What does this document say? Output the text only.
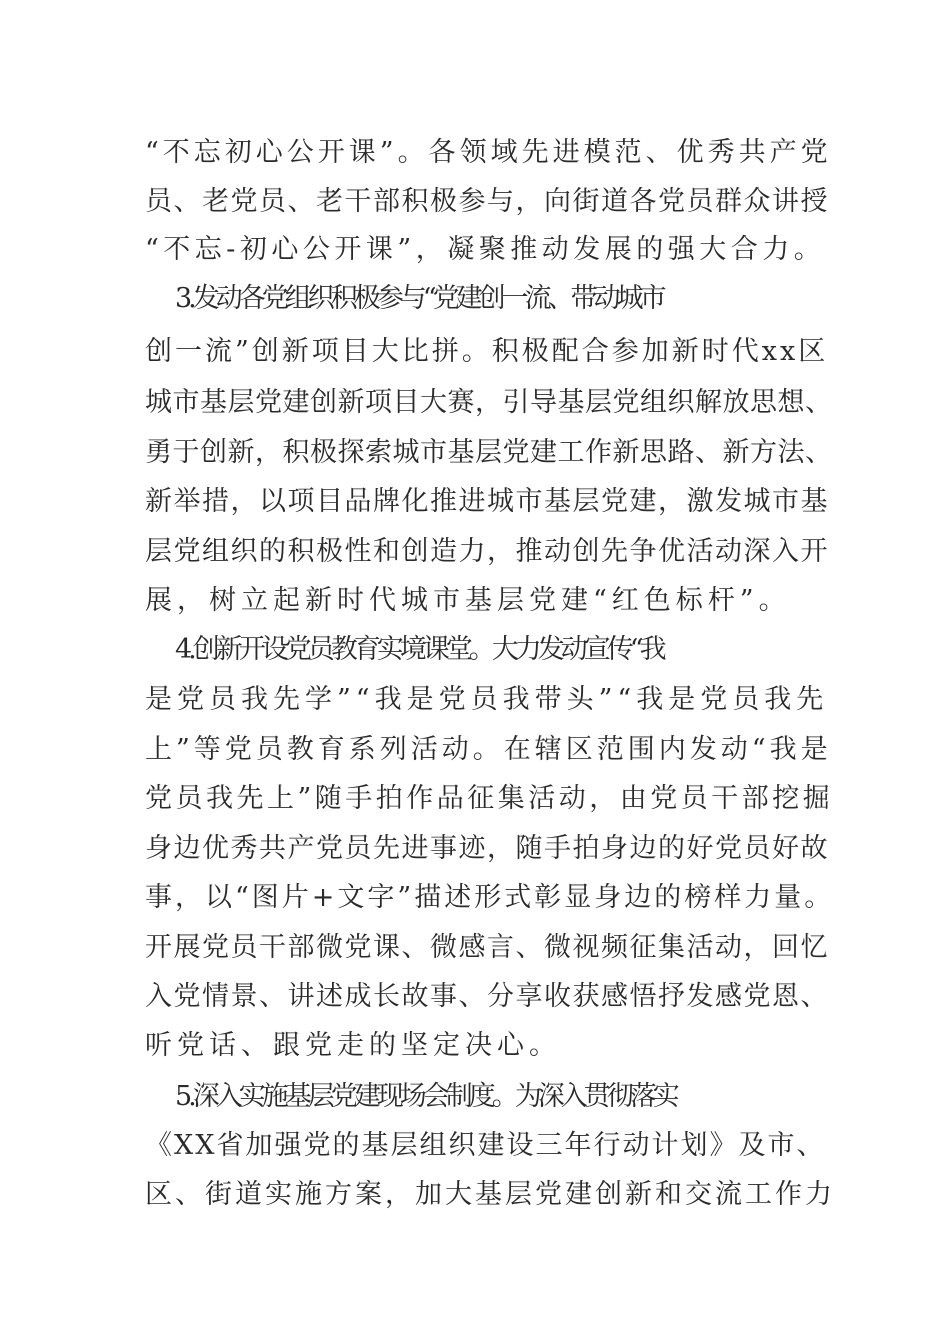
“不忘初心公开课”。各领域先进模范、优秀共产党
员、老党员、老干部积极参与，向街道各党员群众讲授
“不忘-初心公开课”，凝聚推动发展的强大合力。
3.发动各党组织积极参与“党建创一流、带动城市
创一流”创新项目大比拼。积极配合参加新时代xx区
城市基层党建创新项目大赛，引导基层党组织解放思想、
勇于创新，积极探索城市基层党建工作新思路、新方法、
新举措，以项目品牌化推进城市基层党建，激发城市基
层党组织的积极性和创造力，推动创先争优活动深入开
展，树立起新时代城市基层党建“红色标杆”。
4.创新开设党员教育实境课堂。大力发动宣传“我
是党员我先学”“我是党员我带头”“我是党员我先
上”等党员教育系列活动。在辖区范围内发动“我是
党员我先上”随手拍作品征集活动，由党员干部挖掘
身边优秀共产党员先进事迹，随手拍身边的好党员好故
事，以“图片+文字”描述形式彰显身边的榜样力量。
开展党员干部微党课、微感言、微视频征集活动，回忆
入党情景、讲述成长故事、分享收获感悟抒发感党恩、
听党话、跟党走的坚定决心。
5.深入实施基层党建现场会制度。为深入贯彻落实
《XX省加强党的基层组织建设三年行动计划》及市、
区、街道实施方案，加大基层党建创新和交流工作力
